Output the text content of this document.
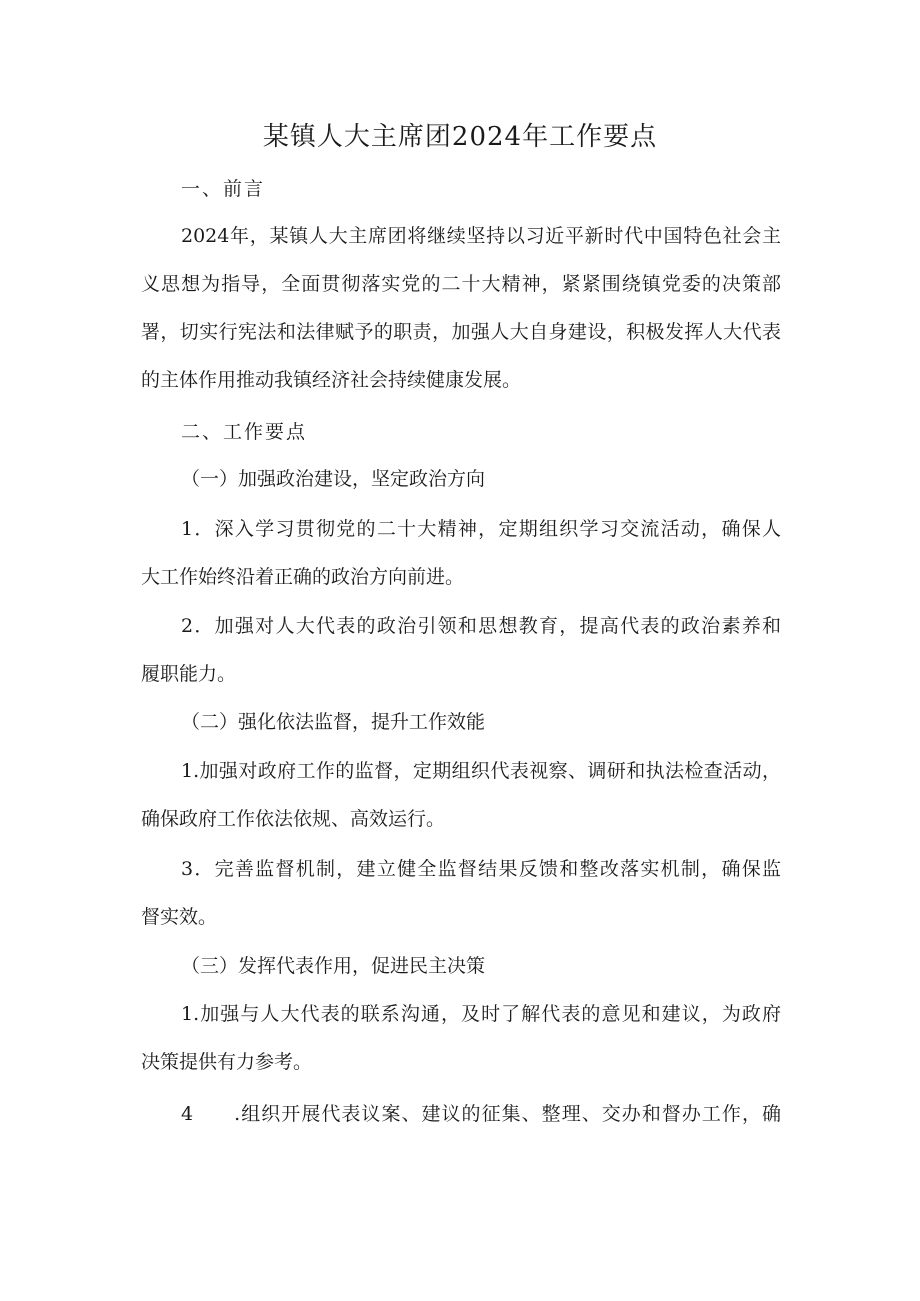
某镇人大主席团2024年工作要点

一、前言

2024年，某镇人大主席团将继续坚持以习近平新时代中国特色社会主

义思想为指导，全面贯彻落实党的二十大精神，紧紧围绕镇党委的决策部

署，切实行宪法和法律赋予的职责，加强人大自身建设，积极发挥人大代表

的主体作用推动我镇经济社会持续健康发展。

二、工作要点

（一）加强政治建设，坚定政治方向

1．深入学习贯彻党的二十大精神，定期组织学习交流活动，确保人

大工作始终沿着正确的政治方向前进。

2．加强对人大代表的政治引领和思想教育，提高代表的政治素养和

履职能力。

（二）强化依法监督，提升工作效能

1.加强对政府工作的监督，定期组织代表视察、调研和执法检查活动，

确保政府工作依法依规、高效运行。

3．完善监督机制，建立健全监督结果反馈和整改落实机制，确保监

督实效。

（三）发挥代表作用，促进民主决策

1.加强与人大代表的联系沟通，及时了解代表的意见和建议，为政府

决策提供有力参考。

4　　.组织开展代表议案、建议的征集、整理、交办和督办工作，确
